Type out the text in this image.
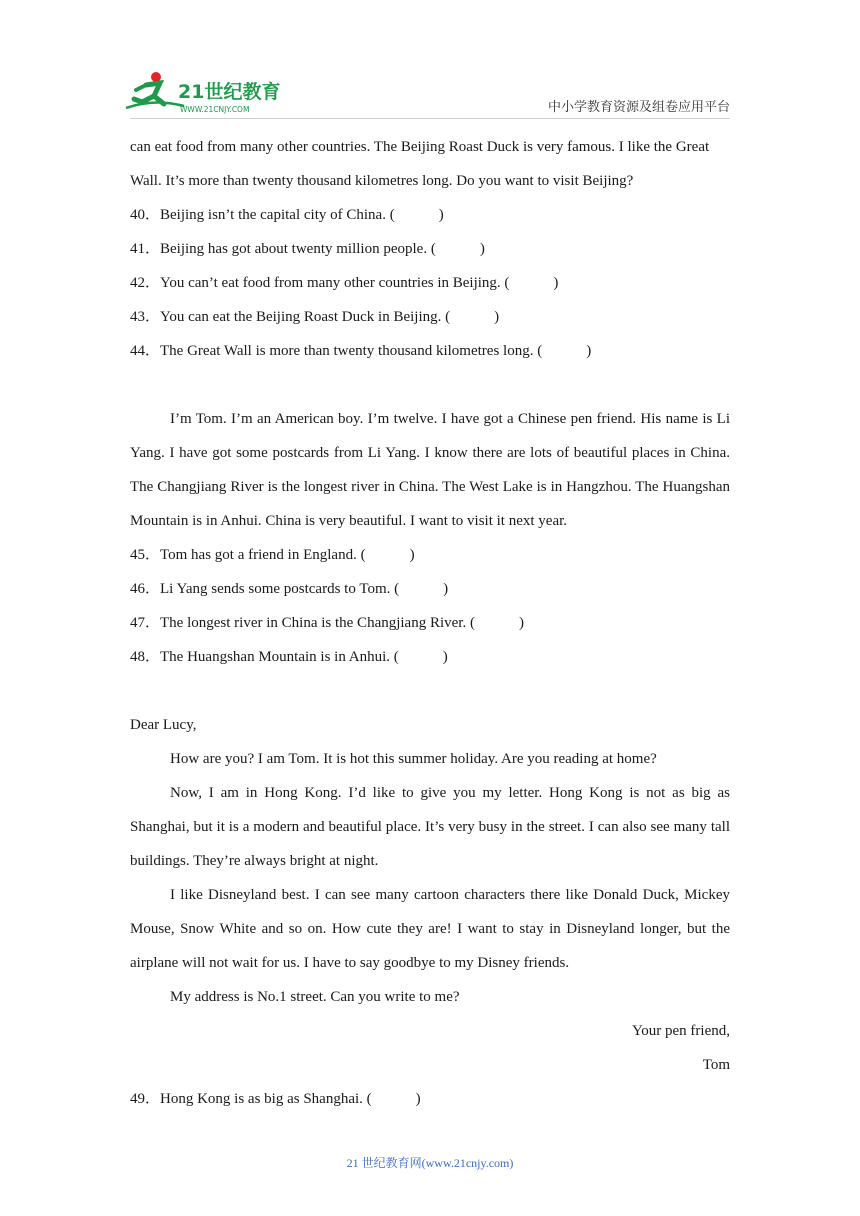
21世纪教育
WWW.21CNJY.COM	中小学教育资源及组卷应用平台
can eat food from many other countries. The Beijing Roast Duck is very famous. I like the Great
Wall. It’s more than twenty thousand kilometres long. Do you want to visit Beijing?
40．Beijing isn’t the capital city of China. (	)
41．Beijing has got about twenty million people. (	)
42．You can’t eat food from many other countries in Beijing. (	)
43．You can eat the Beijing Roast Duck in Beijing. (	)
44．The Great Wall is more than twenty thousand kilometres long. (	)
I’m Tom. I’m an American boy. I’m twelve. I have got a Chinese pen friend. His name is Li Yang. I have got some postcards from Li Yang. I know there are lots of beautiful places in China. The Changjiang River is the longest river in China. The West Lake is in Hangzhou. The Huangshan Mountain is in Anhui. China is very beautiful. I want to visit it next year.
45．Tom has got a friend in England. (	)
46．Li Yang sends some postcards to Tom. (	)
47．The longest river in China is the Changjiang River. (	)
48．The Huangshan Mountain is in Anhui. (	)
Dear Lucy,
How are you? I am Tom. It is hot this summer holiday. Are you reading at home?
Now, I am in Hong Kong. I’d like to give you my letter. Hong Kong is not as big as Shanghai, but it is a modern and beautiful place. It’s very busy in the street. I can also see many tall buildings. They’re always bright at night.
I like Disneyland best. I can see many cartoon characters there like Donald Duck, Mickey Mouse, Snow White and so on. How cute they are! I want to stay in Disneyland longer, but the airplane will not wait for us. I have to say goodbye to my Disney friends.
My address is No.1 street. Can you write to me?
Your pen friend,
Tom
49．Hong Kong is as big as Shanghai. (	)
21 世纪教育网(www.21cnjy.com)
